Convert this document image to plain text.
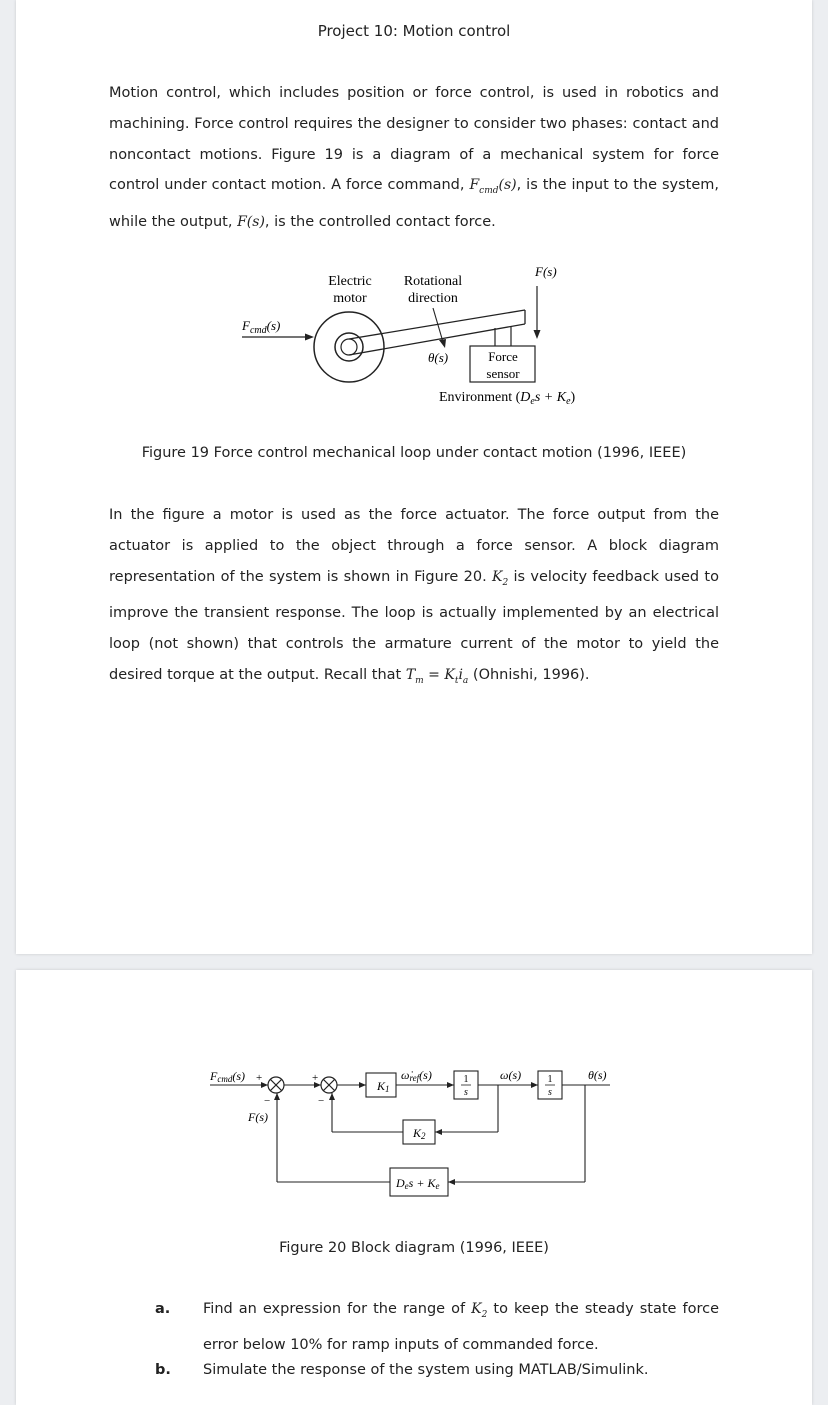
Project 10: Motion control
Motion control, which includes position or force control, is used in robotics and machining. Force control requires the designer to consider two phases: contact and noncontact motions. Figure 19 is a diagram of a mechanical system for force control under contact motion. A force command, $F_{cmd}(s)$, is the input to the system, while the output, F(s), is the controlled contact force.
Electric
motor
Rotational
direction
F(s)
$F_{cmd}(s)$
θ(s)	Force
sensor
Environment $(D_es + K_e)$
Figure 19 Force control mechanical loop under contact motion (1996, IEEE)
In the figure a motor is used as the force actuator. The force output from the actuator is applied to the object through a force sensor. A block diagram representation of the system is shown in Figure 20. $K_2$ is velocity feedback used to improve the transient response. The loop is actually implemented by an electrical loop (not shown) that controls the armature current of the motor to yield the desired torque at the output. Recall that $T_m = K_ti_a$ (Ohnishi, 1996).
Fcmd(s) +
−
F(s)
+
−
K1
ω̇ref(s)	1
s
ω(s)	1
s
θ(s)
K2
Des + Ke
Figure 20 Block diagram (1996, IEEE)
a. Find an expression for the range of $K_2$ to keep the steady state force error below 10% for ramp inputs of commanded force.
b. Simulate the response of the system using MATLAB/Simulink.
